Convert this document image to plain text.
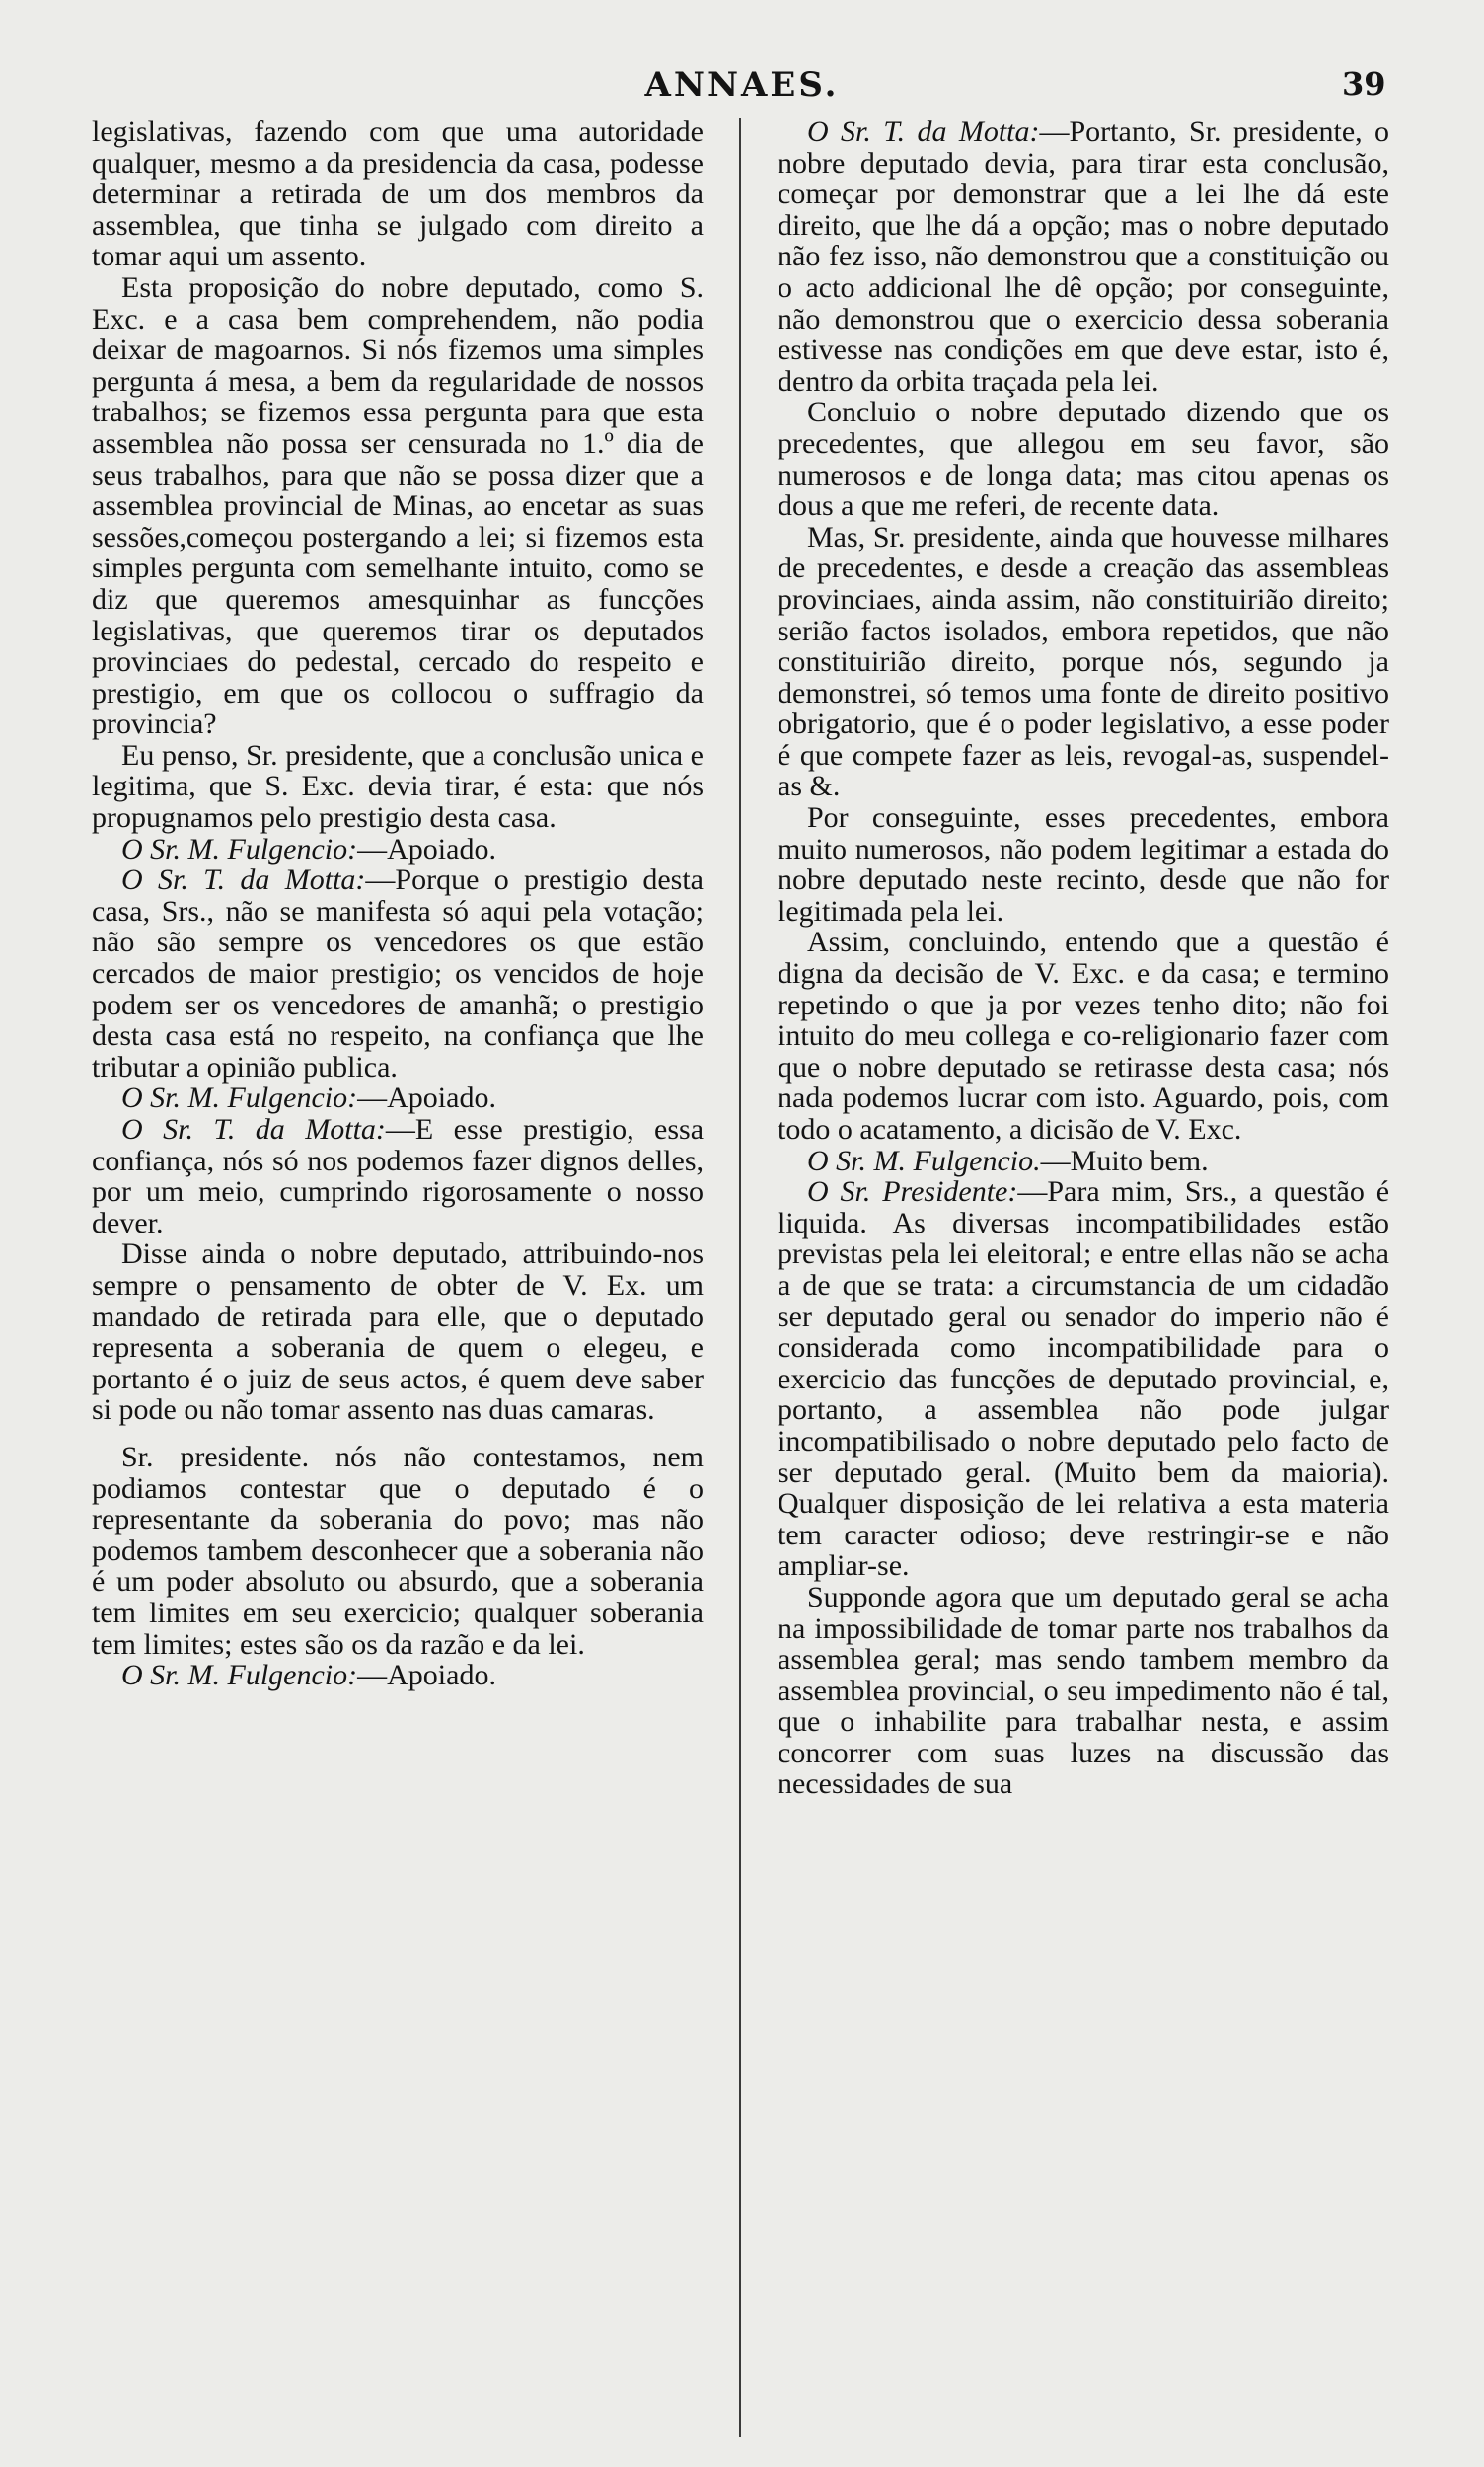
ANNAES.	39

legislativas, fazendo com que uma autoridade qualquer, mesmo a da presidencia da casa, podesse determinar a retirada de um dos membros da assemblea, que tinha se julgado com direito a tomar aqui um assento.

Esta proposição do nobre deputado, como S. Exc. e a casa bem comprehendem, não podia deixar de magoarnos. Si nós fizemos uma simples pergunta á mesa, a bem da regularidade de nossos trabalhos; se fizemos essa pergunta para que esta assemblea não possa ser censurada no 1.º dia de seus trabalhos, para que não se possa dizer que a assemblea provincial de Minas, ao encetar as suas sessões,começou postergando a lei; si fizemos esta simples pergunta com semelhante intuito, como se diz que queremos amesquinhar as funcções legislativas, que queremos tirar os deputados provinciaes do pedestal, cercado do respeito e prestigio, em que os collocou o suffragio da provincia?

Eu penso, Sr. presidente, que a conclusão unica e legitima, que S. Exc. devia tirar, é esta: que nós propugnamos pelo prestigio desta casa.

O Sr. M. Fulgencio:—Apoiado.

O Sr. T. da Motta:—Porque o prestigio desta casa, Srs., não se manifesta só aqui pela votação; não são sempre os vencedores os que estão cercados de maior prestigio; os vencidos de hoje podem ser os vencedores de amanhã; o prestigio desta casa está no respeito, na confiança que lhe tributar a opinião publica.

O Sr. M. Fulgencio:—Apoiado.

O Sr. T. da Motta:—E esse prestigio, essa confiança, nós só nos podemos fazer dignos delles, por um meio, cumprindo rigorosamente o nosso dever.

Disse ainda o nobre deputado, attribuindo-nos sempre o pensamento de obter de V. Ex. um mandado de retirada para elle, que o deputado representa a soberania de quem o elegeu, e portanto é o juiz de seus actos, é quem deve saber si pode ou não tomar assento nas duas camaras.

Sr. presidente. nós não contestamos, nem podiamos contestar que o deputado é o representante da soberania do povo; mas não podemos tambem desconhecer que a soberania não é um poder absoluto ou absurdo, que a soberania tem limites em seu exercicio; qualquer soberania tem limites; estes são os da razão e da lei.

O Sr. M. Fulgencio:—Apoiado.

O Sr. T. da Motta:—Portanto, Sr. presidente, o nobre deputado devia, para tirar esta conclusão, começar por demonstrar que a lei lhe dá este direito, que lhe dá a opção; mas o nobre deputado não fez isso, não demonstrou que a constituição ou o acto addicional lhe dê opção; por conseguinte, não demonstrou que o exercicio dessa soberania estivesse nas condições em que deve estar, isto é, dentro da orbita traçada pela lei.

Concluio o nobre deputado dizendo que os precedentes, que allegou em seu favor, são numerosos e de longa data; mas citou apenas os dous a que me referi, de recente data.

Mas, Sr. presidente, ainda que houvesse milhares de precedentes, e desde a creação das assembleas provinciaes, ainda assim, não constituirião direito; serião factos isolados, embora repetidos, que não constituirião direito, porque nós, segundo ja demonstrei, só temos uma fonte de direito positivo obrigatorio, que é o poder legislativo, a esse poder é que compete fazer as leis, revogal-as, suspendel-as &.

Por conseguinte, esses precedentes, embora muito numerosos, não podem legitimar a estada do nobre deputado neste recinto, desde que não for legitimada pela lei.

Assim, concluindo, entendo que a questão é digna da decisão de V. Exc. e da casa; e termino repetindo o que ja por vezes tenho dito; não foi intuito do meu collega e co-religionario fazer com que o nobre deputado se retirasse desta casa; nós nada podemos lucrar com isto. Aguardo, pois, com todo o acatamento, a dicisão de V. Exc.

O Sr. M. Fulgencio.—Muito bem.

O Sr. Presidente:—Para mim, Srs., a questão é liquida. As diversas incompatibilidades estão previstas pela lei eleitoral; e entre ellas não se acha a de que se trata: a circumstancia de um cidadão ser deputado geral ou senador do imperio não é considerada como incompatibilidade para o exercicio das funcções de deputado provincial, e, portanto, a assemblea não pode julgar incompatibilisado o nobre deputado pelo facto de ser deputado geral. (Muito bem da maioria). Qualquer disposição de lei relativa a esta materia tem caracter odioso; deve restringir-se e não ampliar-se.

Supponde agora que um deputado geral se acha na impossibilidade de tomar parte nos trabalhos da assemblea geral; mas sendo tambem membro da assemblea provincial, o seu impedimento não é tal, que o inhabilite para trabalhar nesta, e assim concorrer com suas luzes na discussão das necessidades de sua
